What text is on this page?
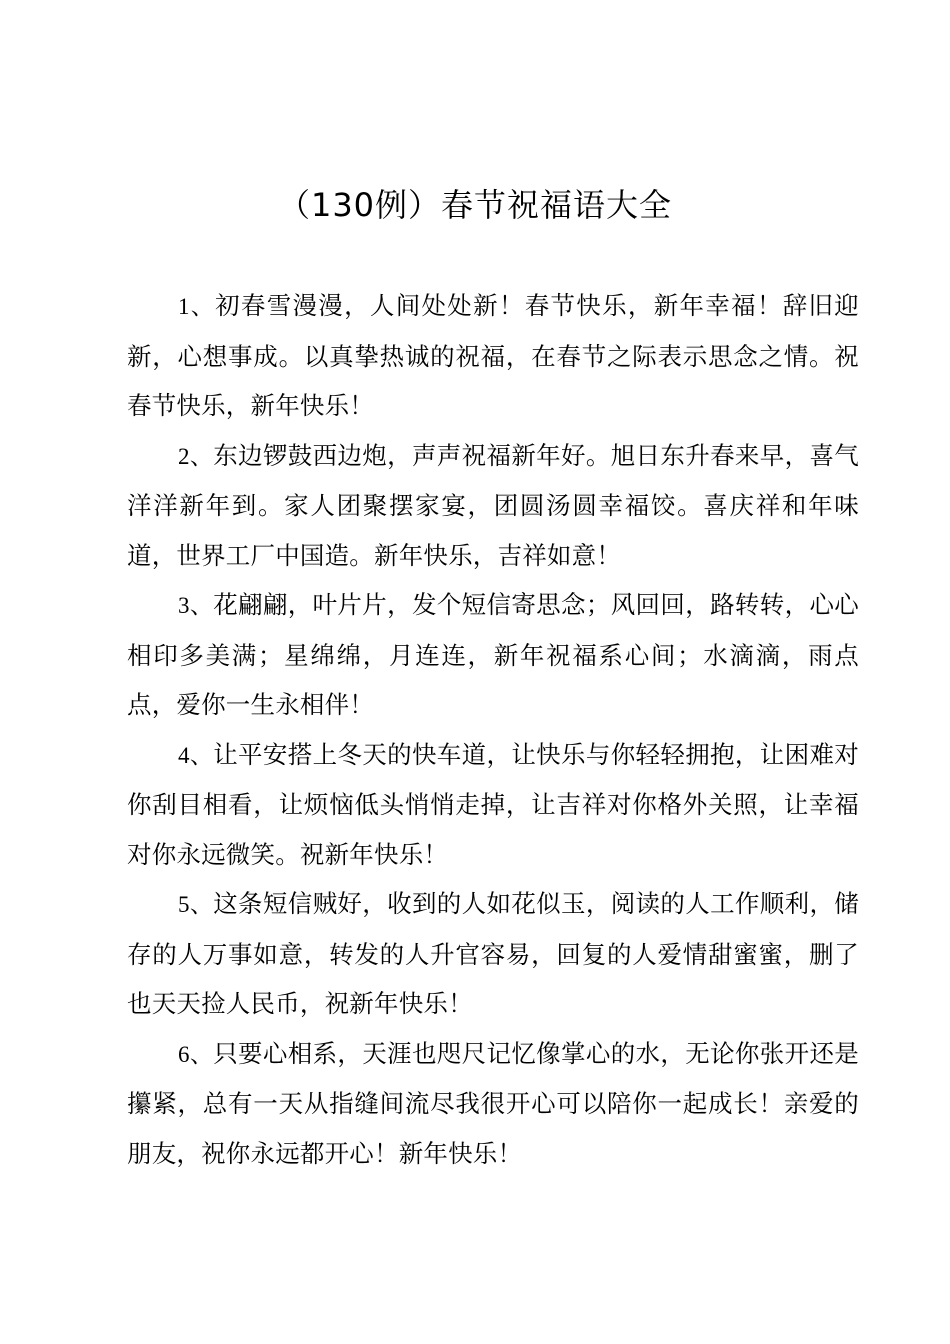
（130例）春节祝福语大全

1、初春雪漫漫，人间处处新！春节快乐，新年幸福！辞旧迎新，心想事成。以真挚热诚的祝福，在春节之际表示思念之情。祝春节快乐，新年快乐！

2、东边锣鼓西边炮，声声祝福新年好。旭日东升春来早，喜气洋洋新年到。家人团聚摆家宴，团圆汤圆幸福饺。喜庆祥和年味道，世界工厂中国造。新年快乐，吉祥如意！

3、花翩翩，叶片片，发个短信寄思念；风回回，路转转，心心相印多美满；星绵绵，月连连，新年祝福系心间；水滴滴，雨点点，爱你一生永相伴！

4、让平安搭上冬天的快车道，让快乐与你轻轻拥抱，让困难对你刮目相看，让烦恼低头悄悄走掉，让吉祥对你格外关照，让幸福对你永远微笑。祝新年快乐！

5、这条短信贼好，收到的人如花似玉，阅读的人工作顺利，储存的人万事如意，转发的人升官容易，回复的人爱情甜蜜蜜，删了也天天捡人民币，祝新年快乐！

6、只要心相系，天涯也咫尺记忆像掌心的水，无论你张开还是攥紧，总有一天从指缝间流尽我很开心可以陪你一起成长！亲爱的朋友，祝你永远都开心！新年快乐！
